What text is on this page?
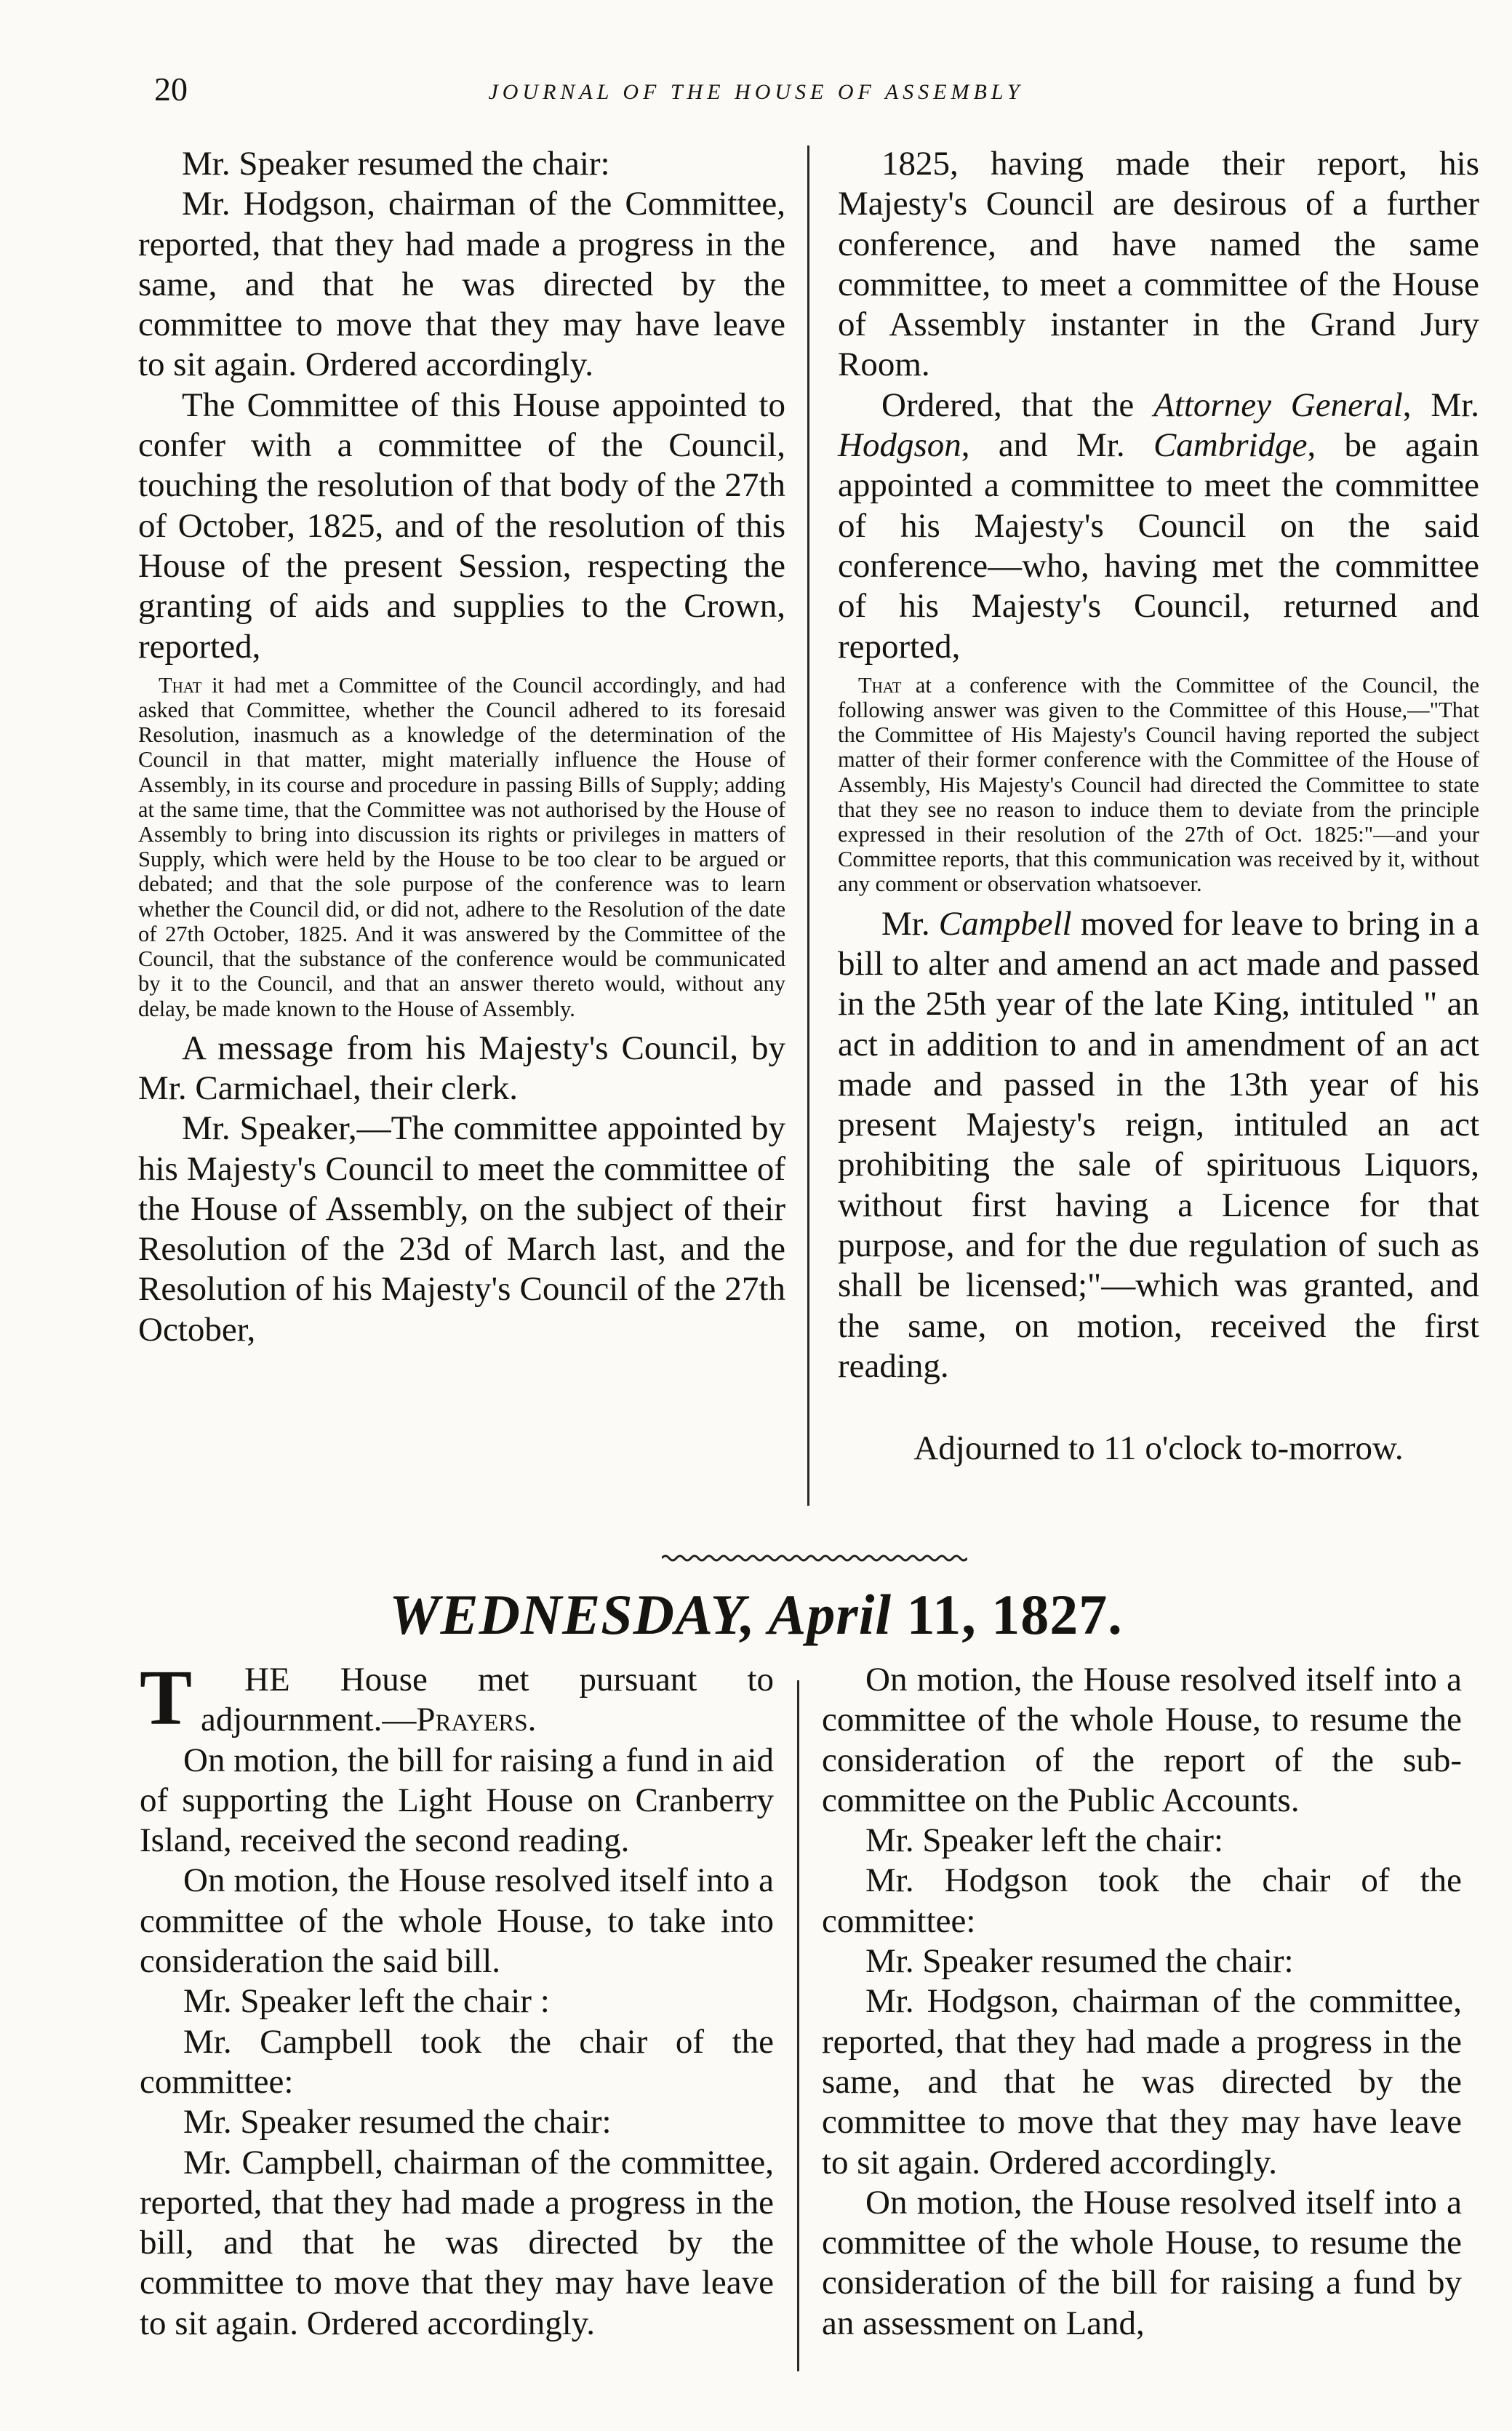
20	JOURNAL OF THE HOUSE OF ASSEMBLY

Mr. Speaker resumed the chair:

Mr. Hodgson, chairman of the Committee, reported, that they had made a progress in the same, and that he was directed by the committee to move that they may have leave to sit again. Ordered accordingly.

The Committee of this House appointed to confer with a committee of the Council, touching the resolution of that body of the 27th of October, 1825, and of the resolution of this House of the present Session, respecting the granting of aids and supplies to the Crown, reported,

That it had met a Committee of the Council accordingly, and had asked that Committee, whether the Council adhered to its foresaid Resolution, inasmuch as a knowledge of the determination of the Council in that matter, might materially influence the House of Assembly, in its course and procedure in passing Bills of Supply; adding at the same time, that the Committee was not authorised by the House of Assembly to bring into discussion its rights or privileges in matters of Supply, which were held by the House to be too clear to be argued or debated; and that the sole purpose of the conference was to learn whether the Council did, or did not, adhere to the Resolution of the date of 27th October, 1825. And it was answered by the Committee of the Council, that the substance of the conference would be communicated by it to the Council, and that an answer thereto would, without any delay, be made known to the House of Assembly.

A message from his Majesty's Council, by Mr. Carmichael, their clerk.

Mr. Speaker,—The committee appointed by his Majesty's Council to meet the committee of the House of Assembly, on the subject of their Resolution of the 23d of March last, and the Resolution of his Majesty's Council of the 27th October,

1825, having made their report, his Majesty's Council are desirous of a further conference, and have named the same committee, to meet a committee of the House of Assembly instanter in the Grand Jury Room.

Ordered, that the Attorney General, Mr. Hodgson, and Mr. Cambridge, be again appointed a committee to meet the committee of his Majesty's Council on the said conference—who, having met the committee of his Majesty's Council, returned and reported,

That at a conference with the Committee of the Council, the following answer was given to the Committee of this House,—"That the Committee of His Majesty's Council having reported the subject matter of their former conference with the Committee of the House of Assembly, His Majesty's Council had directed the Committee to state that they see no reason to induce them to deviate from the principle expressed in their resolution of the 27th of Oct. 1825:"—and your Committee reports, that this communication was received by it, without any comment or observation whatsoever.

Mr. Campbell moved for leave to bring in a bill to alter and amend an act made and passed in the 25th year of the late King, intituled " an act in addition to and in amendment of an act made and passed in the 13th year of his present Majesty's reign, intituled an act prohibiting the sale of spirituous Liquors, without first having a Licence for that purpose, and for the due regulation of such as shall be licensed;"—which was granted, and the same, on motion, received the first reading.

Adjourned to 11 o'clock to-morrow.

WEDNESDAY, April 11, 1827.

T HE House met pursuant to adjournment.—Prayers.

On motion, the bill for raising a fund in aid of supporting the Light House on Cranberry Island, received the second reading.

On motion, the House resolved itself into a committee of the whole House, to take into consideration the said bill.

Mr. Speaker left the chair :

Mr. Campbell took the chair of the committee:

Mr. Speaker resumed the chair:

Mr. Campbell, chairman of the committee, reported, that they had made a progress in the bill, and that he was directed by the committee to move that they may have leave to sit again. Ordered accordingly.

On motion, the House resolved itself into a committee of the whole House, to resume the consideration of the report of the sub-committee on the Public Accounts.

Mr. Speaker left the chair:

Mr. Hodgson took the chair of the committee:

Mr. Speaker resumed the chair:

Mr. Hodgson, chairman of the committee, reported, that they had made a progress in the same, and that he was directed by the committee to move that they may have leave to sit again. Ordered accordingly.

On motion, the House resolved itself into a committee of the whole House, to resume the consideration of the bill for raising a fund by an assessment on Land,
